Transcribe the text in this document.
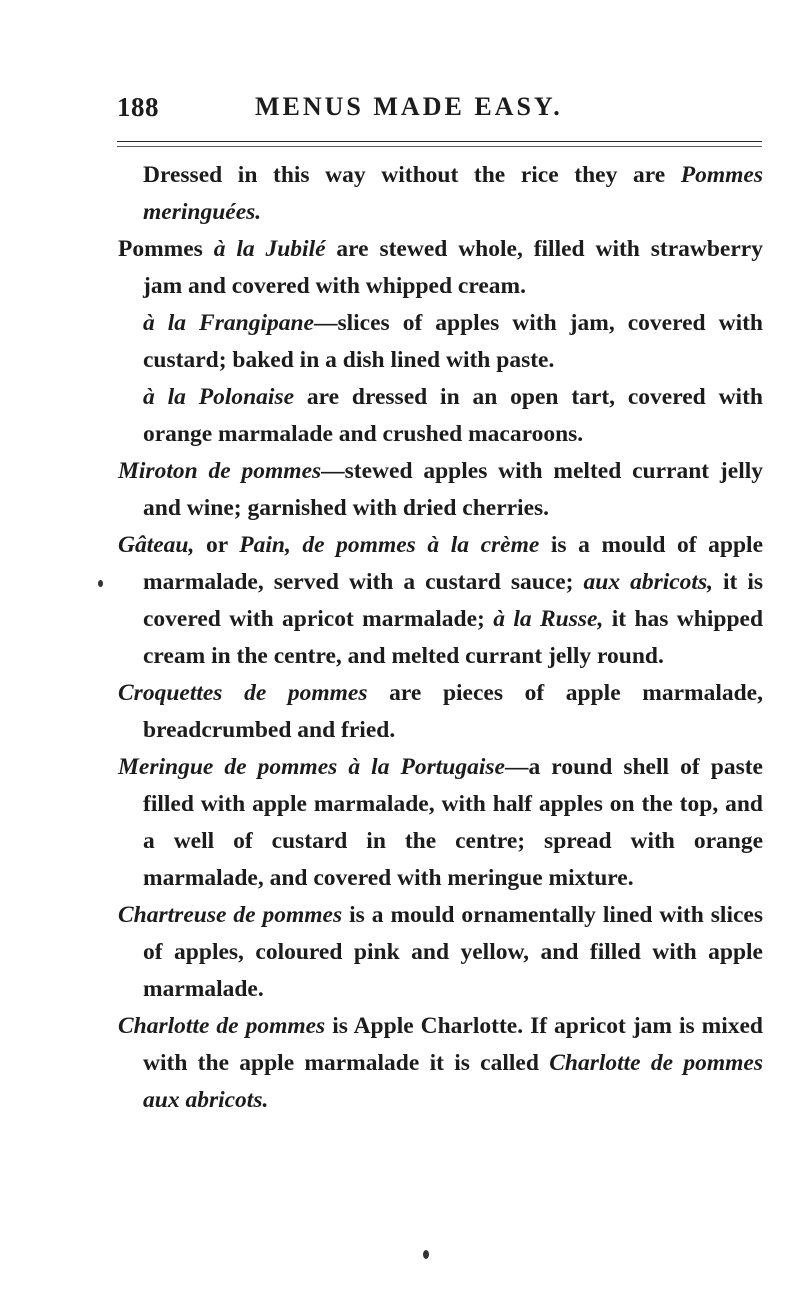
188	MENUS MADE EASY.

Dressed in this way without the rice they are Pommes meringuées.

Pommes à la Jubilé are stewed whole, filled with strawberry jam and covered with whipped cream.

à la Frangipane—slices of apples with jam, covered with custard; baked in a dish lined with paste.

à la Polonaise are dressed in an open tart, covered with orange marmalade and crushed macaroons.

Miroton de pommes—stewed apples with melted currant jelly and wine; garnished with dried cherries.

Gâteau, or Pain, de pommes à la crème is a mould of apple marmalade, served with a custard sauce; aux abricots, it is covered with apricot marmalade; à la Russe, it has whipped cream in the centre, and melted currant jelly round.

Croquettes de pommes are pieces of apple marmalade, breadcrumbed and fried.

Meringue de pommes à la Portugaise—a round shell of paste filled with apple marmalade, with half apples on the top, and a well of custard in the centre; spread with orange marmalade, and covered with meringue mixture.

Chartreuse de pommes is a mould ornamentally lined with slices of apples, coloured pink and yellow, and filled with apple marmalade.

Charlotte de pommes is Apple Charlotte. If apricot jam is mixed with the apple marmalade it is called Charlotte de pommes aux abricots.
